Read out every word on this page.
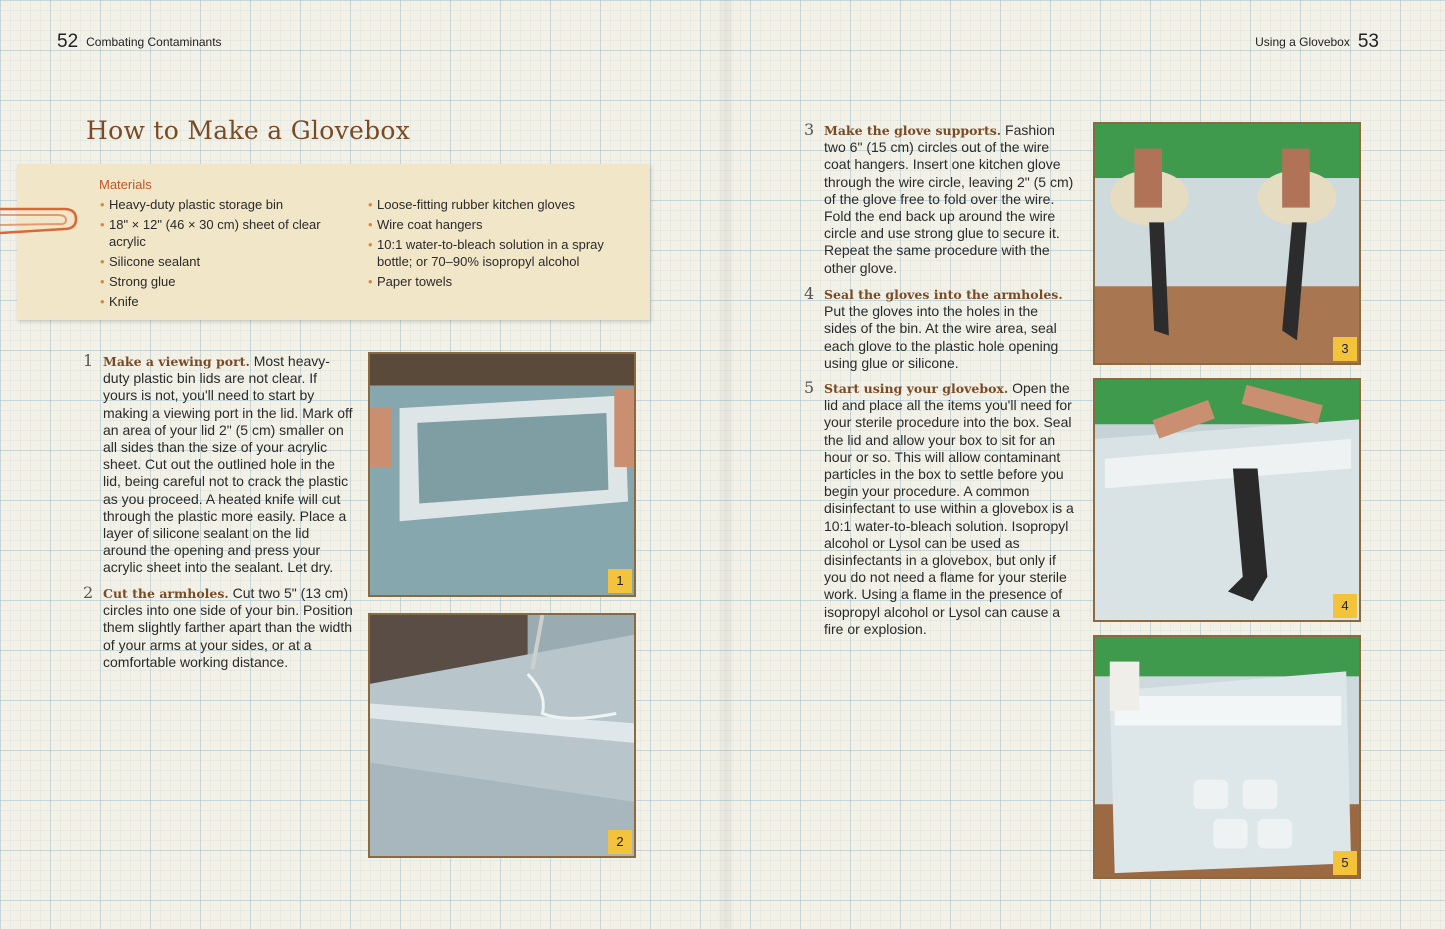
52 Combating Contaminants	Using a Glovebox 53
How to Make a Glovebox
Materials
• Heavy-duty plastic storage bin
• 18" × 12" (46 × 30 cm) sheet of clear acrylic
• Silicone sealant
• Strong glue
• Knife
• Loose-fitting rubber kitchen gloves
• Wire coat hangers
• 10:1 water-to-bleach solution in a spray bottle; or 70–90% isopropyl alcohol
• Paper towels
1 Make a viewing port. Most heavy-duty plastic bin lids are not clear. If yours is not, you'll need to start by making a viewing port in the lid. Mark off an area of your lid 2" (5 cm) smaller on all sides than the size of your acrylic sheet. Cut out the outlined hole in the lid, being careful not to crack the plastic as you proceed. A heated knife will cut through the plastic more easily. Place a layer of silicone sealant on the lid around the opening and press your acrylic sheet into the sealant. Let dry.
2 Cut the armholes. Cut two 5" (13 cm) circles into one side of your bin. Position them slightly farther apart than the width of your arms at your sides, or at a comfortable working distance.
3 Make the glove supports. Fashion two 6" (15 cm) circles out of the wire coat hangers. Insert one kitchen glove through the wire circle, leaving 2" (5 cm) of the glove free to fold over the wire. Fold the end back up around the wire circle and use strong glue to secure it. Repeat the same procedure with the other glove.
4 Seal the gloves into the armholes. Put the gloves into the holes in the sides of the bin. At the wire area, seal each glove to the plastic hole opening using glue or silicone.
5 Start using your glovebox. Open the lid and place all the items you'll need for your sterile procedure into the box. Seal the lid and allow your box to sit for an hour or so. This will allow contaminant particles in the box to settle before you begin your procedure. A common disinfectant to use within a glovebox is a 10:1 water-to-bleach solution. Isopropyl alcohol or Lysol can be used as disinfectants in a glovebox, but only if you do not need a flame for your sterile work. Using a flame in the presence of isopropyl alcohol or Lysol can cause a fire or explosion.
1
2
3
4
5
